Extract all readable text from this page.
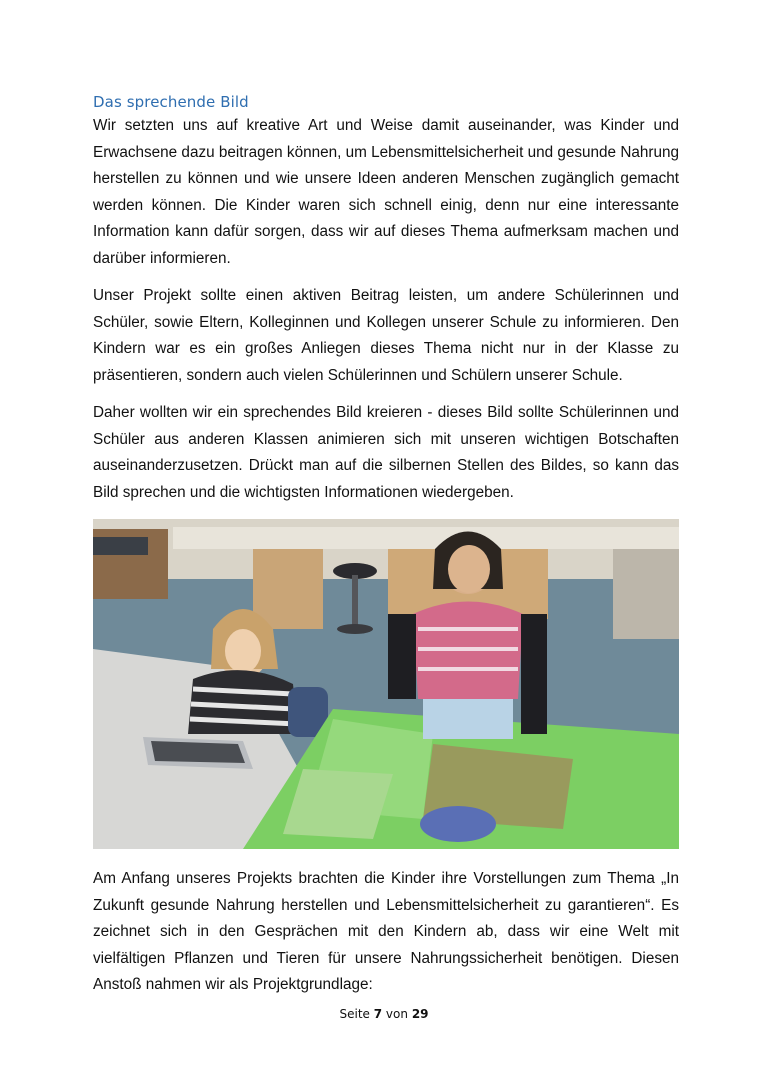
Das sprechende Bild

Wir setzten uns auf kreative Art und Weise damit auseinander, was Kinder und Erwachsene dazu beitragen können, um Lebensmittelsicherheit und gesunde Nahrung herstellen zu können und wie unsere Ideen anderen Menschen zugänglich gemacht werden können. Die Kinder waren sich schnell einig, denn nur eine interessante Information kann dafür sorgen, dass wir auf dieses Thema aufmerksam machen und darüber informieren.

Unser Projekt sollte einen aktiven Beitrag leisten, um andere Schülerinnen und Schüler, sowie Eltern, Kolleginnen und Kollegen unserer Schule zu informieren. Den Kindern war es ein großes Anliegen dieses Thema nicht nur in der Klasse zu präsentieren, sondern auch vielen Schülerinnen und Schülern unserer Schule.

Daher wollten wir ein sprechendes Bild kreieren - dieses Bild sollte Schülerinnen und Schüler aus anderen Klassen animieren sich mit unseren wichtigen Botschaften auseinanderzusetzen. Drückt man auf die silbernen Stellen des Bildes, so kann das Bild sprechen und die wichtigsten Informationen wiedergeben.

Am Anfang unseres Projekts brachten die Kinder ihre Vorstellungen zum Thema „In Zukunft gesunde Nahrung herstellen und Lebensmittelsicherheit zu garantieren“. Es zeichnet sich in den Gesprächen mit den Kindern ab, dass wir eine Welt mit vielfältigen Pflanzen und Tieren für unsere Nahrungssicherheit benötigen. Diesen Anstoß nahmen wir als Projektgrundlage:

Seite 7 von 29
